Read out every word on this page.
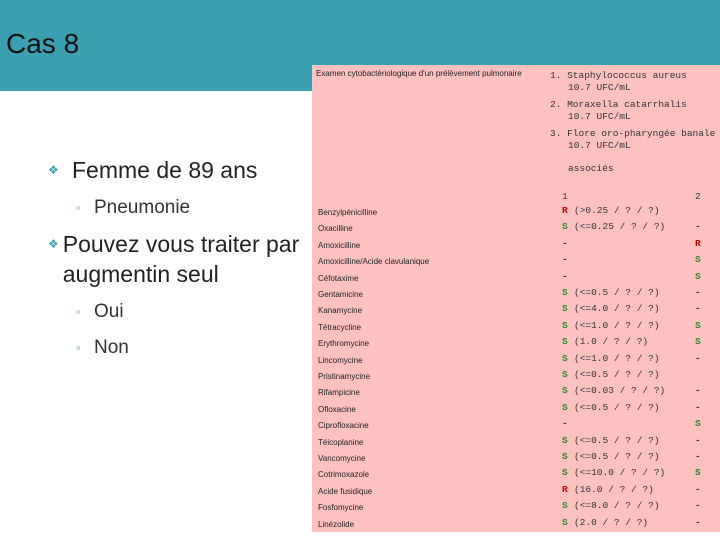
Cas 8
❖ Femme de 89 ans
◦ Pneumonie
❖ Pouvez vous traiter par augmentin seul
◦ Oui
◦ Non
Examen cytobactériologique d'un prélèvement pulmonaire	1. Staphylococcus aureus
10.7 UFC/mL
2. Moraxella catarrhalis
10.7 UFC/mL
3. Flore oro-pharyngée banale
10.7 UFC/mL
associés
1	2
Benzylpénicilline	R (>0.25 / ? / ?)
Oxacilline	S (<=0.25 / ? / ?)	-
Amoxicilline	-	R
Amoxicilline/Acide clavulanique	-	S
Céfotaxime	-	S
Gentamicine	S (<=0.5 / ? / ?)	-
Kanamycine	S (<=4.0 / ? / ?)	-
Tétracycline	S (<=1.0 / ? / ?)	S
Erythromycine	S (1.0 / ? / ?)	S
Lincomycine	S (<=1.0 / ? / ?)	-
Pristinamycine	S (<=0.5 / ? / ?)
Rifampicine	S (<=0.03 / ? / ?)	-
Ofloxacine	S (<=0.5 / ? / ?)	-
Ciprofloxacine	-	S
Téicoplanine	S (<=0.5 / ? / ?)	-
Vancomycine	S (<=0.5 / ? / ?)	-
Cotrimoxazole	S (<=10.0 / ? / ?)	S
Acide fusidique	R (16.0 / ? / ?)	-
Fosfomycine	S (<=8.0 / ? / ?)	-
Linézolide	S (2.0 / ? / ?)	-
